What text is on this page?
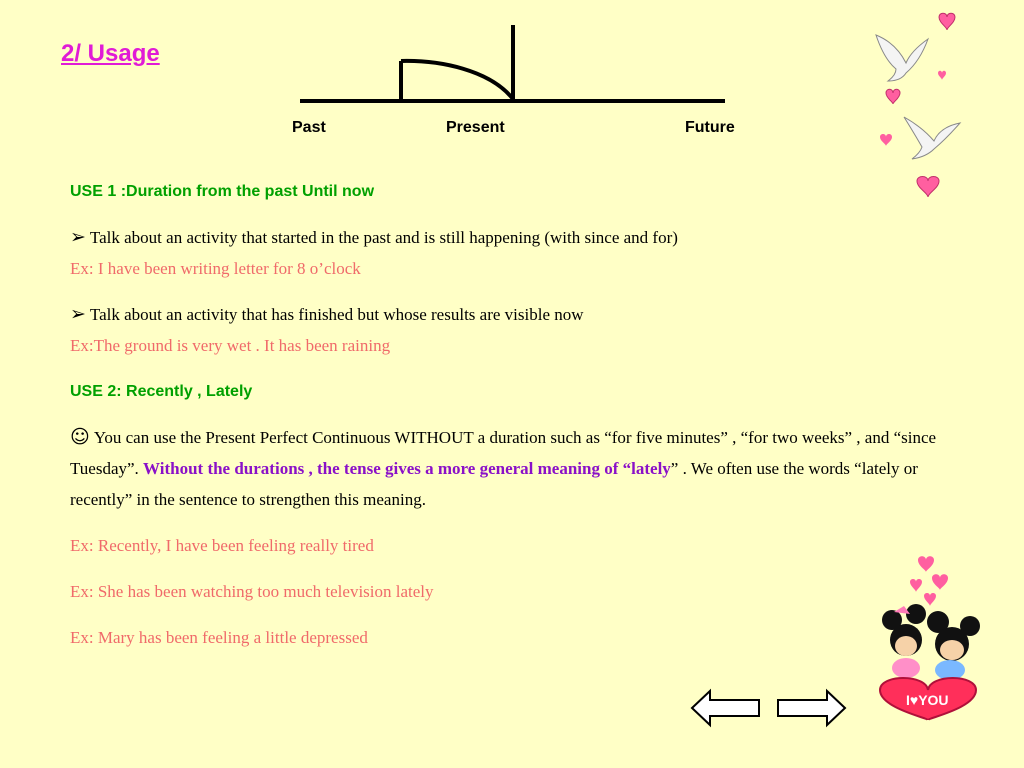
2/ Usage
Past	Present	Future
USE 1 :Duration from the past Until now
➢ Talk about an activity that started in the past and is still happening (with since and for)
Ex: I have been writing letter for 8 o’clock
➢ Talk about an activity that has finished but whose results are visible now
Ex:The ground is very wet . It has been raining
USE 2: Recently , Lately
☺ You can use the Present Perfect Continuous WITHOUT a duration such as “for five minutes” , “for two weeks” , and “since Tuesday”. Without the durations , the tense gives a more general meaning of “lately” . We often use the words “lately or recently” in the sentence to strengthen this meaning.
Ex: Recently, I have been feeling really tired
Ex: She has been watching too much television lately
Ex: Mary has been feeling a little depressed
I♥YOU
